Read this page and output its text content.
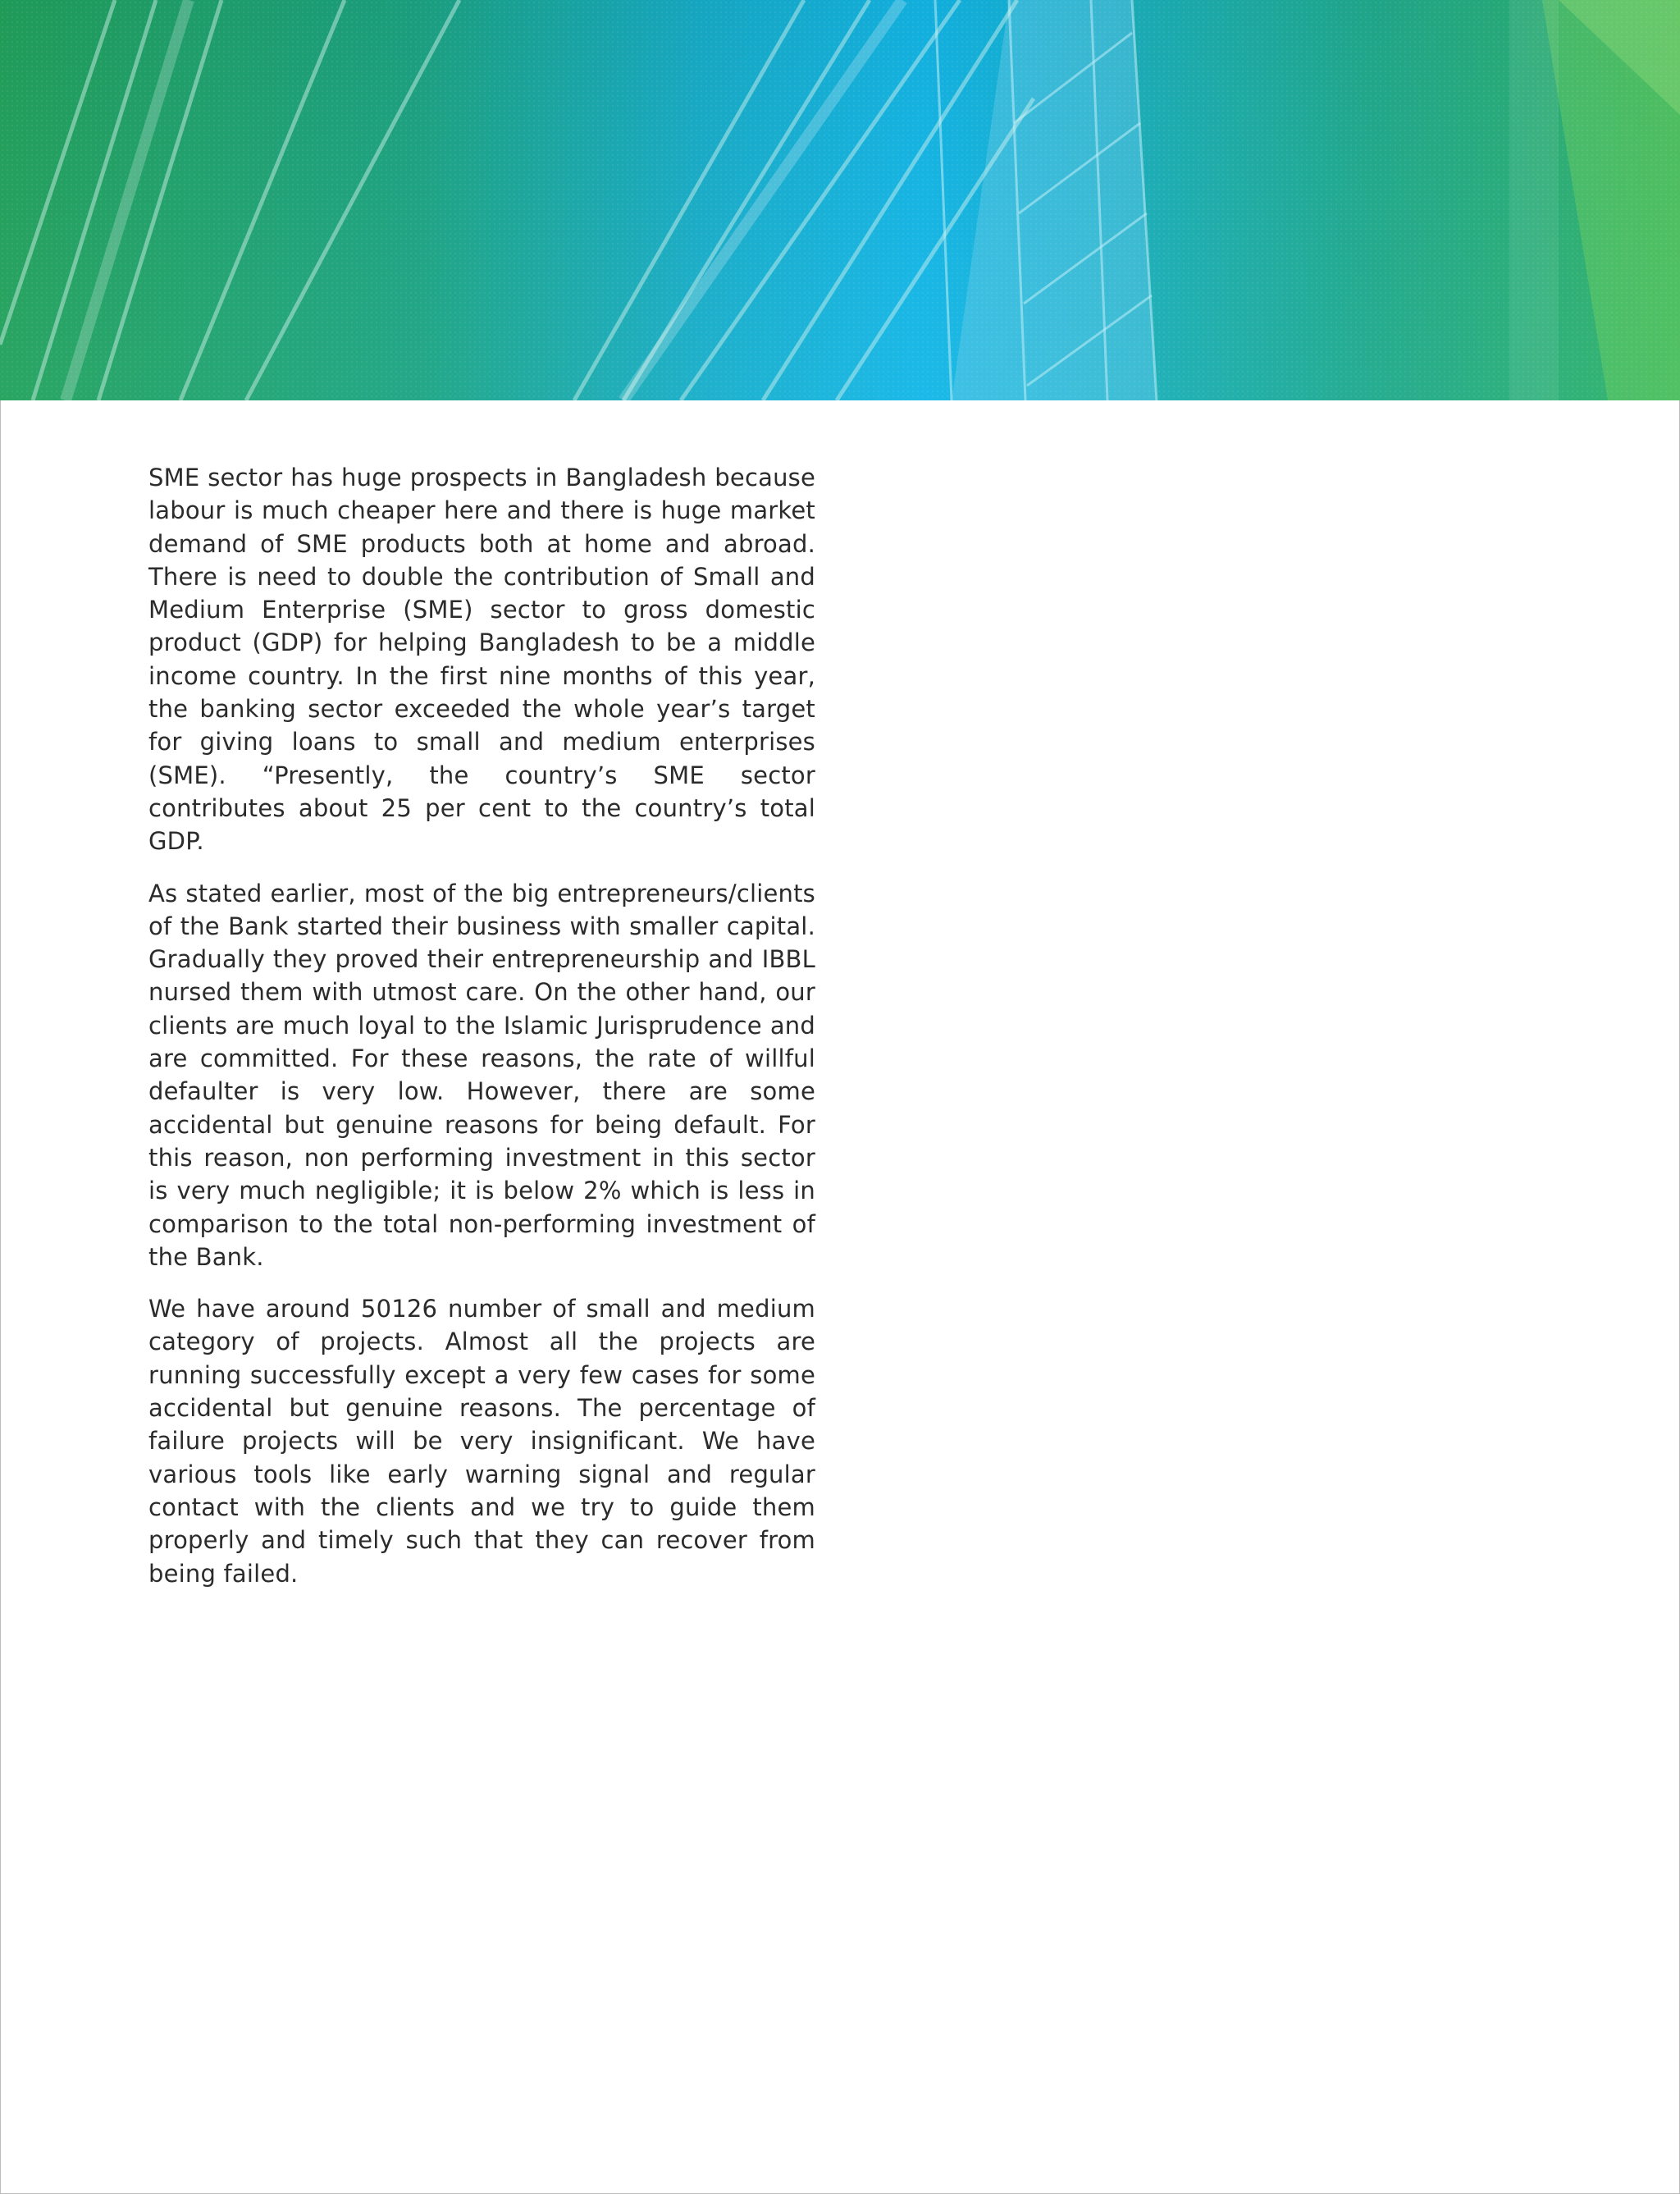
SME sector has huge prospects in Bangladesh because labour is much cheaper here and there is huge market demand of SME products both at home and abroad. There is need to double the contribution of Small and Medium Enterprise (SME) sector to gross domestic product (GDP) for helping Bangladesh to be a middle income country. In the first nine months of this year, the banking sector exceeded the whole year’s target for giving loans to small and medium enterprises (SME). “Presently, the country’s SME sector contributes about 25 per cent to the country’s total GDP.

As stated earlier, most of the big entrepreneurs/clients of the Bank started their business with smaller capital. Gradually they proved their entrepreneurship and IBBL nursed them with utmost care. On the other hand, our clients are much loyal to the Islamic Jurisprudence and are committed. For these reasons, the rate of willful defaulter is very low. However, there are some accidental but genuine reasons for being default. For this reason, non performing investment in this sector is very much negligible; it is below 2% which is less in comparison to the total non-performing investment of the Bank.

We have around 50126 number of small and medium category of projects. Almost all the projects are running successfully except a very few cases for some accidental but genuine reasons. The percentage of failure projects will be very insignificant. We have various tools like early warning signal and regular contact with the clients and we try to guide them properly and timely such that they can recover from being failed.
